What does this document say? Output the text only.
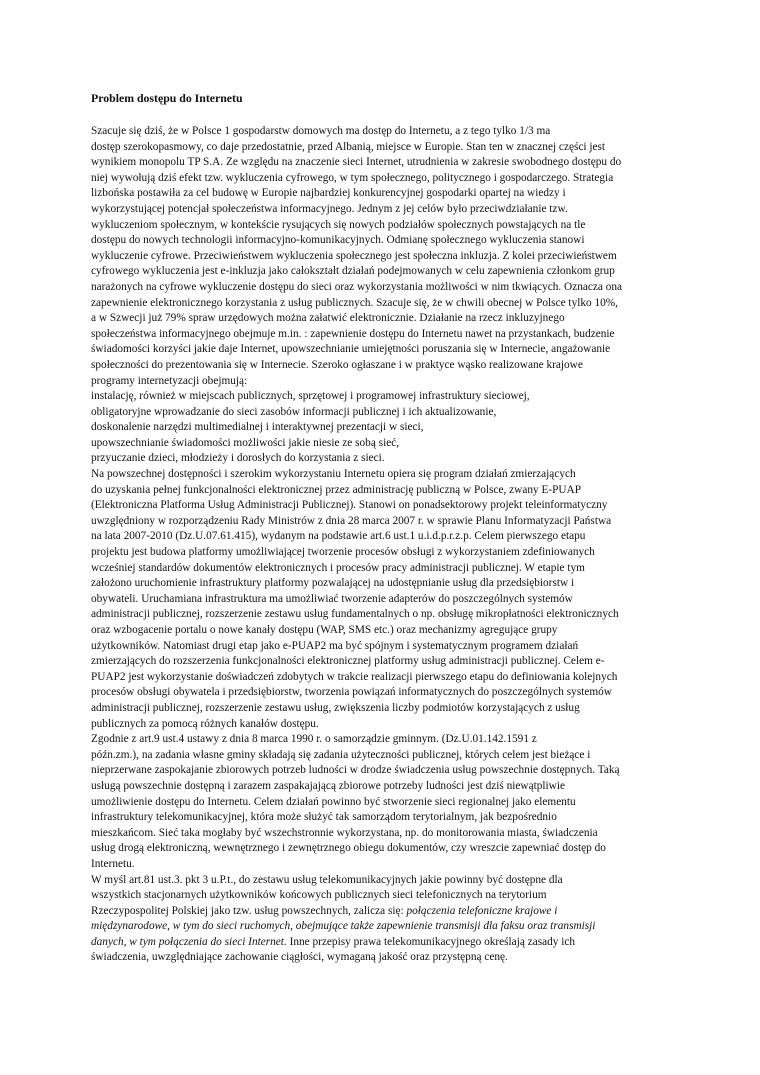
Problem dostępu do Internetu
Szacuje się dziś, że w Polsce 1 gospodarstw domowych ma dostęp do Internetu, a z tego tylko 1/3 ma
dostęp szerokopasmowy, co daje przedostatnie, przed Albanią, miejsce w Europie. Stan ten w znacznej części jest
wynikiem monopolu TP S.A. Ze względu na znaczenie sieci Internet, utrudnienia w zakresie swobodnego dostępu do
niej wywołują dziś efekt tzw. wykluczenia cyfrowego, w tym społecznego, politycznego i gospodarczego. Strategia
lizbońska postawiła za cel budowę w Europie najbardziej konkurencyjnej gospodarki opartej na wiedzy i
wykorzystującej potencjał społeczeństwa informacyjnego. Jednym z jej celów było przeciwdziałanie tzw.
wykluczeniom społecznym, w kontekście rysujących się nowych podziałów społecznych powstających na tle
dostępu do nowych technologii informacyjno-komunikacyjnych. Odmianę społecznego wykluczenia stanowi
wykluczenie cyfrowe. Przeciwieństwem wykluczenia społecznego jest społeczna inkluzja. Z kolei przeciwieństwem
cyfrowego wykluczenia jest e-inkluzja jako całokształt działań podejmowanych w celu zapewnienia członkom grup
narażonych na cyfrowe wykluczenie dostępu do sieci oraz wykorzystania możliwości w nim tkwiących. Oznacza ona
zapewnienie elektronicznego korzystania z usług publicznych. Szacuje się, że w chwili obecnej w Polsce tylko 10%,
a w Szwecji już 79% spraw urzędowych można załatwić elektronicznie. Działanie na rzecz inkluzyjnego
społeczeństwa informacyjnego obejmuje m.in. : zapewnienie dostępu do Internetu nawet na przystankach, budzenie
świadomości korzyści jakie daje Internet, upowszechnianie umiejętności poruszania się w Internecie, angażowanie
społeczności do prezentowania się w Internecie. Szeroko ogłaszane i w praktyce wąsko realizowane krajowe
programy internetyzacji obejmują:
instalację, również w miejscach publicznych, sprzętowej i programowej infrastruktury sieciowej,
obligatoryjne wprowadzanie do sieci zasobów informacji publicznej i ich aktualizowanie,
doskonalenie narzędzi multimedialnej i interaktywnej prezentacji w sieci,
upowszechnianie świadomości możliwości jakie niesie ze sobą sieć,
przyuczanie dzieci, młodzieży i dorosłych do korzystania z sieci.
Na powszechnej dostępności i szerokim wykorzystaniu Internetu opiera się program działań zmierzających
do uzyskania pełnej funkcjonalności elektronicznej przez administrację publiczną w Polsce, zwany E-PUAP
(Elektroniczna Platforma Usług Administracji Publicznej). Stanowi on ponadsektorowy projekt teleinformatyczny
uwzględniony w rozporządzeniu Rady Ministrów z dnia 28 marca 2007 r. w sprawie Planu Informatyzacji Państwa
na lata 2007-2010 (Dz.U.07.61.415), wydanym na podstawie art.6 ust.1 u.i.d.p.r.z.p. Celem pierwszego etapu
projektu jest budowa platformy umożliwiającej tworzenie procesów obsługi z wykorzystaniem zdefiniowanych
wcześniej standardów dokumentów elektronicznych i procesów pracy administracji publicznej. W etapie tym
założono uruchomienie infrastruktury platformy pozwalającej na udostępnianie usług dla przedsiębiorstw i
obywateli. Uruchamiana infrastruktura ma umożliwiać tworzenie adapterów do poszczególnych systemów
administracji publicznej, rozszerzenie zestawu usług fundamentalnych o np. obsługę mikropłatności elektronicznych
oraz wzbogacenie portalu o nowe kanały dostępu (WAP, SMS etc.) oraz mechanizmy agregujące grupy
użytkowników. Natomiast drugi etap jako e-PUAP2 ma być spójnym i systematycznym programem działań
zmierzających do rozszerzenia funkcjonalności elektronicznej platformy usług administracji publicznej. Celem e-
PUAP2 jest wykorzystanie doświadczeń zdobytych w trakcie realizacji pierwszego etapu do definiowania kolejnych
procesów obsługi obywatela i przedsiębiorstw, tworzenia powiązań informatycznych do poszczególnych systemów
administracji publicznej, rozszerzenie zestawu usług, zwiększenia liczby podmiotów korzystających z usług
publicznych za pomocą różnych kanałów dostępu.
Zgodnie z art.9 ust.4 ustawy z dnia 8 marca 1990 r. o samorządzie gminnym. (Dz.U.01.142.1591 z
późn.zm.), na zadania własne gminy składają się zadania użyteczności publicznej, których celem jest bieżące i
nieprzerwane zaspokajanie zbiorowych potrzeb ludności w drodze świadczenia usług powszechnie dostępnych. Taką
usługą powszechnie dostępną i zarazem zaspakajającą zbiorowe potrzeby ludności jest dziś niewątpliwie
umożliwienie dostępu do Internetu. Celem działań powinno być stworzenie sieci regionalnej jako elementu
infrastruktury telekomunikacyjnej, która może służyć tak samorządom terytorialnym, jak bezpośrednio
mieszkańcom. Sieć taka mogłaby być wszechstronnie wykorzystana, np. do monitorowania miasta, świadczenia
usług drogą elektroniczną, wewnętrznego i zewnętrznego obiegu dokumentów, czy wreszcie zapewniać dostęp do
Internetu.
W myśl art.81 ust.3. pkt 3 u.P.t., do zestawu usług telekomunikacyjnych jakie powinny być dostępne dla
wszystkich stacjonarnych użytkowników końcowych publicznych sieci telefonicznych na terytorium
Rzeczypospolitej Polskiej jako tzw. usług powszechnych, zalicza się: połączenia telefoniczne krajowe i
międzynarodowe, w tym do sieci ruchomych, obejmujące także zapewnienie transmisji dla faksu oraz transmisji
danych, w tym połączenia do sieci Internet. Inne przepisy prawa telekomunikacyjnego określają zasady ich
świadczenia, uwzględniające zachowanie ciągłości, wymaganą jakość oraz przystępną cenę.
